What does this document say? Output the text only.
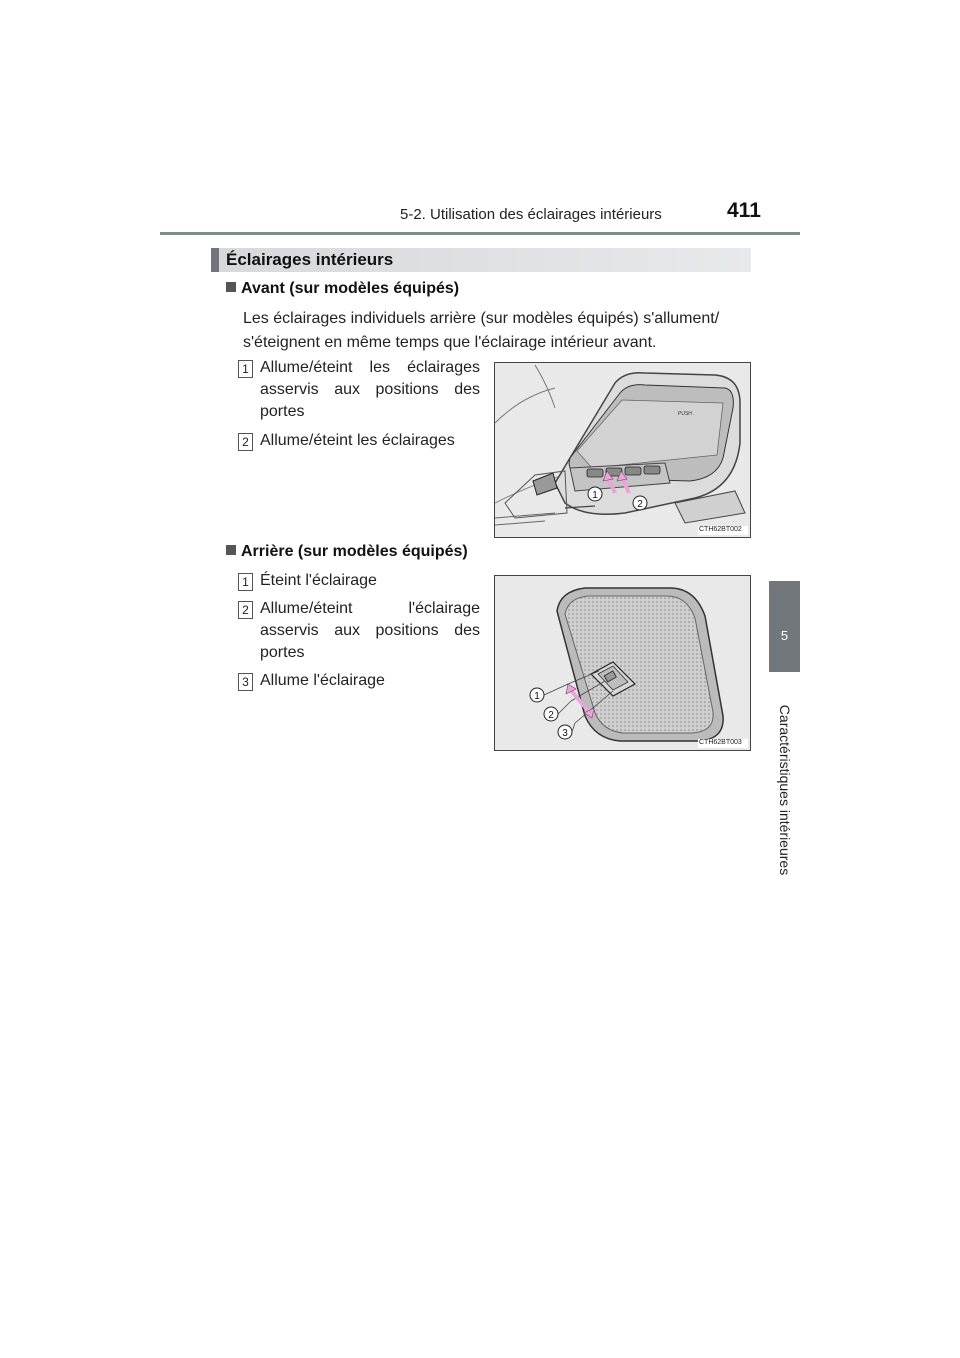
5-2. Utilisation des éclairages intérieurs	411
5
Caractéristiques intérieures
Éclairages intérieurs
Avant (sur modèles équipés)
Les éclairages individuels arrière (sur modèles équipés) s'allument/ s'éteignent en même temps que l'éclairage intérieur avant.
1 Allume/éteint les éclairages asservis aux positions des portes
2 Allume/éteint les éclairages
PUSH
1
2
CTH62BT002
Arrière (sur modèles équipés)
1 Éteint l'éclairage
2 Allume/éteint l'éclairage asservis aux positions des portes
3 Allume l'éclairage
1
2
3
CTH62BT003
